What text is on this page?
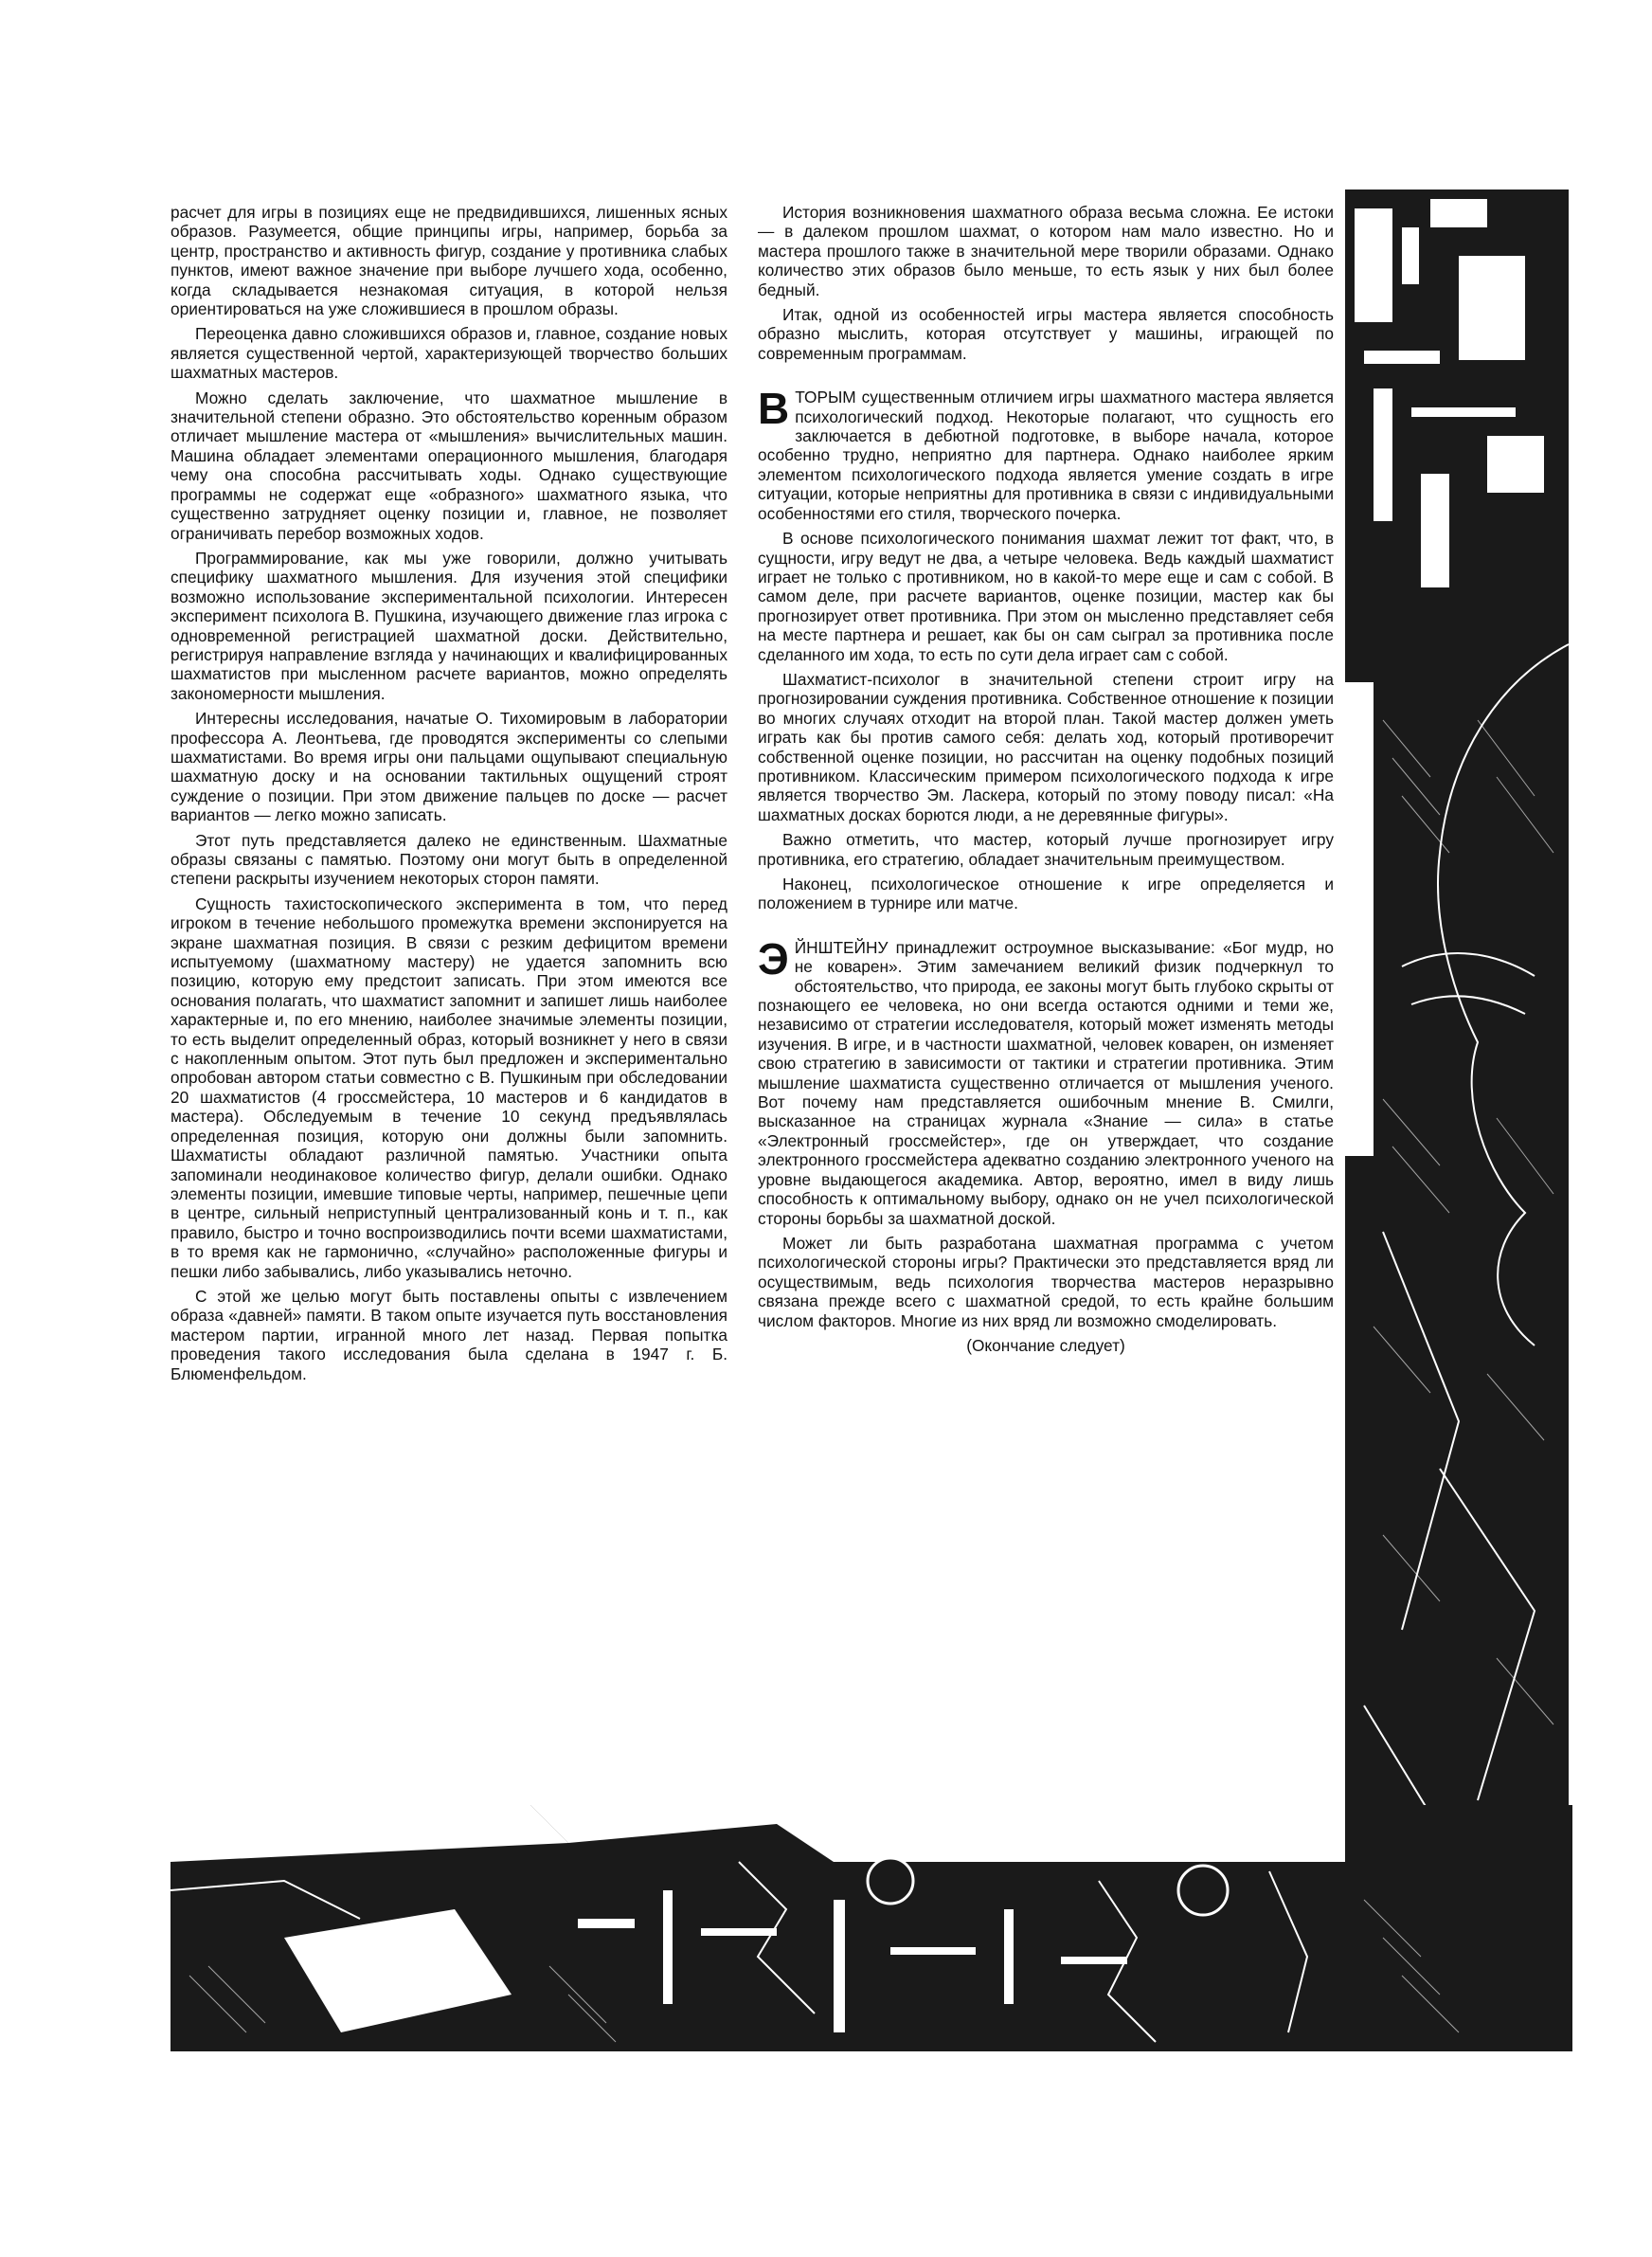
расчет для игры в позициях еще не предвидившихся, лишенных ясных образов. Разумеется, общие принципы игры, например, борьба за центр, пространство и активность фигур, создание у противника слабых пунктов, имеют важное значение при выборе лучшего хода, особенно, когда складывается незнакомая ситуация, в которой нельзя ориентироваться на уже сложившиеся в прошлом образы.

Переоценка давно сложившихся образов и, главное, создание новых является существенной чертой, характеризующей творчество больших шахматных мастеров.

Можно сделать заключение, что шахматное мышление в значительной степени образно. Это обстоятельство коренным образом отличает мышление мастера от «мышления» вычислительных машин. Машина обладает элементами операционного мышления, благодаря чему она способна рассчитывать ходы. Однако существующие программы не содержат еще «образного» шахматного языка, что существенно затрудняет оценку позиции и, главное, не позволяет ограничивать перебор возможных ходов.

Программирование, как мы уже говорили, должно учитывать специфику шахматного мышления. Для изучения этой специфики возможно использование экспериментальной психологии. Интересен эксперимент психолога В. Пушкина, изучающего движение глаз игрока с одновременной регистрацией шахматной доски. Действительно, регистрируя направление взгляда у начинающих и квалифицированных шахматистов при мысленном расчете вариантов, можно определять закономерности мышления.

Интересны исследования, начатые О. Тихомировым в лаборатории профессора А. Леонтьева, где проводятся эксперименты со слепыми шахматистами. Во время игры они пальцами ощупывают специальную шахматную доску и на основании тактильных ощущений строят суждение о позиции. При этом движение пальцев по доске — расчет вариантов — легко можно записать.

Этот путь представляется далеко не единственным. Шахматные образы связаны с памятью. Поэтому они могут быть в определенной степени раскрыты изучением некоторых сторон памяти.

Сущность тахистоскопического эксперимента в том, что перед игроком в течение небольшого промежутка времени экспонируется на экране шахматная позиция. В связи с резким дефицитом времени испытуемому (шахматному мастеру) не удается запомнить всю позицию, которую ему предстоит записать. При этом имеются все основания полагать, что шахматист запомнит и запишет лишь наиболее характерные и, по его мнению, наиболее значимые элементы позиции, то есть выделит определенный образ, который возникнет у него в связи с накопленным опытом. Этот путь был предложен и экспериментально опробован автором статьи совместно с В. Пушкиным при обследовании 20 шахматистов (4 гроссмейстера, 10 мастеров и 6 кандидатов в мастера). Обследуемым в течение 10 секунд предъявлялась определенная позиция, которую они должны были запомнить. Шахматисты обладают различной памятью. Участники опыта запоминали неодинаковое количество фигур, делали ошибки. Однако элементы позиции, имевшие типовые черты, например, пешечные цепи в центре, сильный неприступный централизованный конь и т. п., как правило, быстро и точно воспроизводились почти всеми шахматистами, в то время как не гармонично, «случайно» расположенные фигуры и пешки либо забывались, либо указывались неточно.

С этой же целью могут быть поставлены опыты с извлечением образа «давней» памяти. В таком опыте изучается путь восстановления мастером партии, игранной много лет назад. Первая попытка проведения такого исследования была сделана в 1947 г. Б. Блюменфельдом.

История возникновения шахматного образа весьма сложна. Ее истоки — в далеком прошлом шахмат, о котором нам мало известно. Но и мастера прошлого также в значительной мере творили образами. Однако количество этих образов было меньше, то есть язык у них был более бедный.

Итак, одной из особенностей игры мастера является способность образно мыслить, которая отсутствует у машины, играющей по современным программам.

ВТОРЫМ существенным отличием игры шахматного мастера является психологический подход. Некоторые полагают, что сущность его заключается в дебютной подготовке, в выборе начала, которое особенно трудно, неприятно для партнера. Однако наиболее ярким элементом психологического подхода является умение создать в игре ситуации, которые неприятны для противника в связи с индивидуальными особенностями его стиля, творческого почерка.

В основе психологического понимания шахмат лежит тот факт, что, в сущности, игру ведут не два, а четыре человека. Ведь каждый шахматист играет не только с противником, но в какой-то мере еще и сам с собой. В самом деле, при расчете вариантов, оценке позиции, мастер как бы прогнозирует ответ противника. При этом он мысленно представляет себя на месте партнера и решает, как бы он сам сыграл за противника после сделанного им хода, то есть по сути дела играет сам с собой.

Шахматист-психолог в значительной степени строит игру на прогнозировании суждения противника. Собственное отношение к позиции во многих случаях отходит на второй план. Такой мастер должен уметь играть как бы против самого себя: делать ход, который противоречит собственной оценке позиции, но рассчитан на оценку подобных позиций противником. Классическим примером психологического подхода к игре является творчество Эм. Ласкера, который по этому поводу писал: «На шахматных досках борются люди, а не деревянные фигуры».

Важно отметить, что мастер, который лучше прогнозирует игру противника, его стратегию, обладает значительным преимуществом.

Наконец, психологическое отношение к игре определяется и положением в турнире или матче.

ЭЙНШТЕЙНУ принадлежит остроумное высказывание: «Бог мудр, но не коварен». Этим замечанием великий физик подчеркнул то обстоятельство, что природа, ее законы могут быть глубоко скрыты от познающего ее человека, но они всегда остаются одними и теми же, независимо от стратегии исследователя, который может изменять методы изучения. В игре, и в частности шахматной, человек коварен, он изменяет свою стратегию в зависимости от тактики и стратегии противника. Этим мышление шахматиста существенно отличается от мышления ученого. Вот почему нам представляется ошибочным мнение В. Смилги, высказанное на страницах журнала «Знание — сила» в статье «Электронный гроссмейстер», где он утверждает, что создание электронного гроссмейстера адекватно созданию электронного ученого на уровне выдающегося академика. Автор, вероятно, имел в виду лишь способность к оптимальному выбору, однако он не учел психологической стороны борьбы за шахматной доской.

Может ли быть разработана шахматная программа с учетом психологической стороны игры? Практически это представляется вряд ли осуществимым, ведь психология творчества мастеров неразрывно связана прежде всего с шахматной средой, то есть крайне большим числом факторов. Многие из них вряд ли возможно смоделировать.

(Окончание следует)
